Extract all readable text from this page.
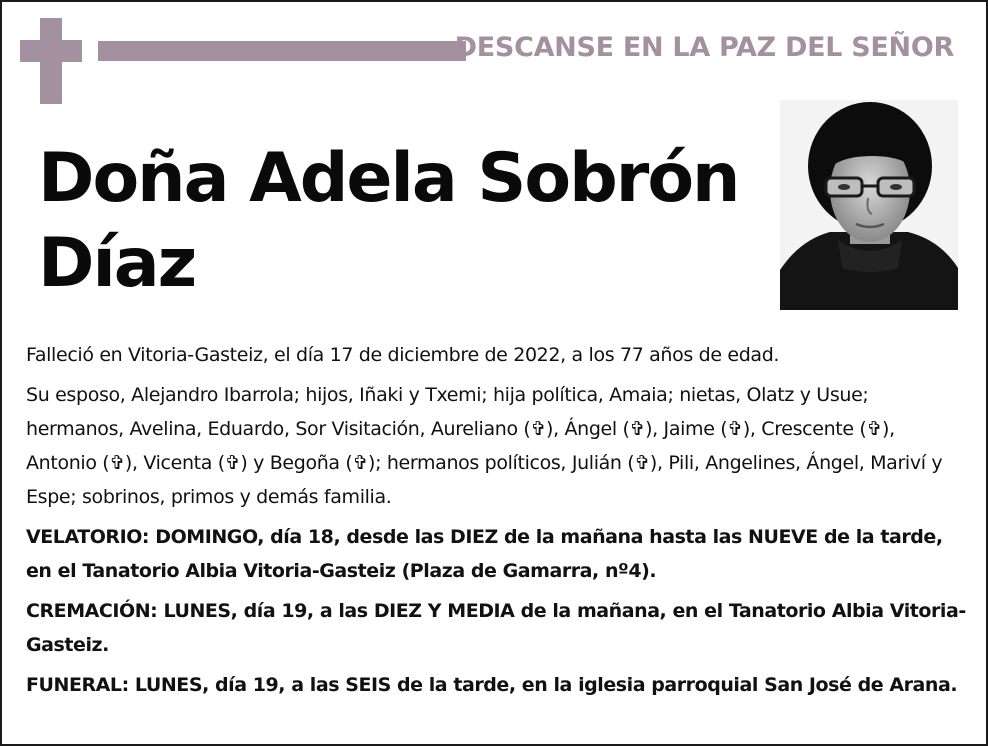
DESCANSE EN LA PAZ DEL SEÑOR
Doña Adela Sobrón
Díaz

Falleció en Vitoria-Gasteiz, el día 17 de diciembre de 2022, a los 77 años de edad.

Su esposo, Alejandro Ibarrola; hijos, Iñaki y Txemi; hija política, Amaia; nietas, Olatz y Usue; hermanos, Avelina, Eduardo, Sor Visitación, Aureliano (✞), Ángel (✞), Jaime (✞), Crescente (✞), Antonio (✞), Vicenta (✞) y Begoña (✞); hermanos políticos, Julián (✞), Pili, Angelines, Ángel, Mariví y Espe; sobrinos, primos y demás familia.

VELATORIO: DOMINGO, día 18, desde las DIEZ de la mañana hasta las NUEVE de la tarde, en el Tanatorio Albia Vitoria-Gasteiz (Plaza de Gamarra, nº4).

CREMACIÓN: LUNES, día 19, a las DIEZ Y MEDIA de la mañana, en el Tanatorio Albia Vitoria-Gasteiz.

FUNERAL: LUNES, día 19, a las SEIS de la tarde, en la iglesia parroquial San José de Arana.
